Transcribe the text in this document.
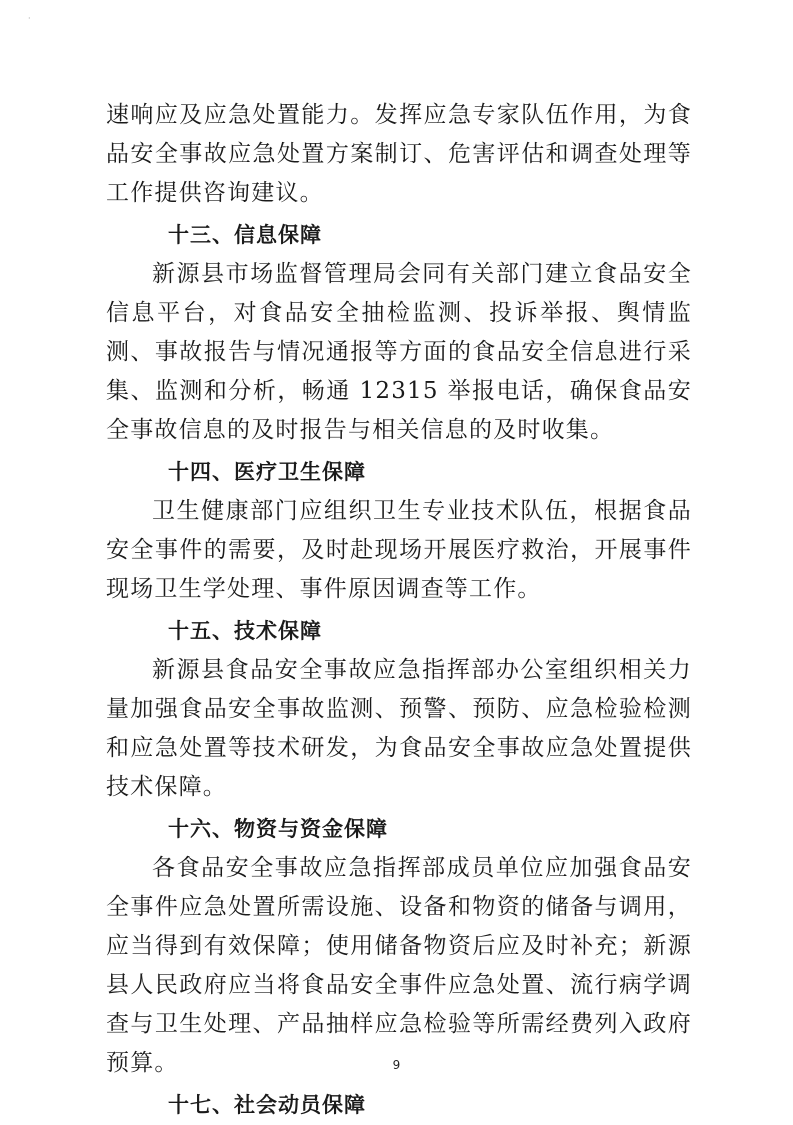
·

速响应及应急处置能力。发挥应急专家队伍作用，为食品安全事故应急处置方案制订、危害评估和调查处理等工作提供咨询建议。

十三、信息保障

新源县市场监督管理局会同有关部门建立食品安全信息平台，对食品安全抽检监测、投诉举报、舆情监测、事故报告与情况通报等方面的食品安全信息进行采集、监测和分析，畅通 12315 举报电话，确保食品安全事故信息的及时报告与相关信息的及时收集。

十四、医疗卫生保障

卫生健康部门应组织卫生专业技术队伍，根据食品安全事件的需要，及时赴现场开展医疗救治，开展事件现场卫生学处理、事件原因调查等工作。

十五、技术保障

新源县食品安全事故应急指挥部办公室组织相关力量加强食品安全事故监测、预警、预防、应急检验检测和应急处置等技术研发，为食品安全事故应急处置提供技术保障。

十六、物资与资金保障

各食品安全事故应急指挥部成员单位应加强食品安全事件应急处置所需设施、设备和物资的储备与调用，应当得到有效保障；使用储备物资后应及时补充；新源县人民政府应当将食品安全事件应急处置、流行病学调查与卫生处理、产品抽样应急检验等所需经费列入政府预算。

十七、社会动员保障
9
